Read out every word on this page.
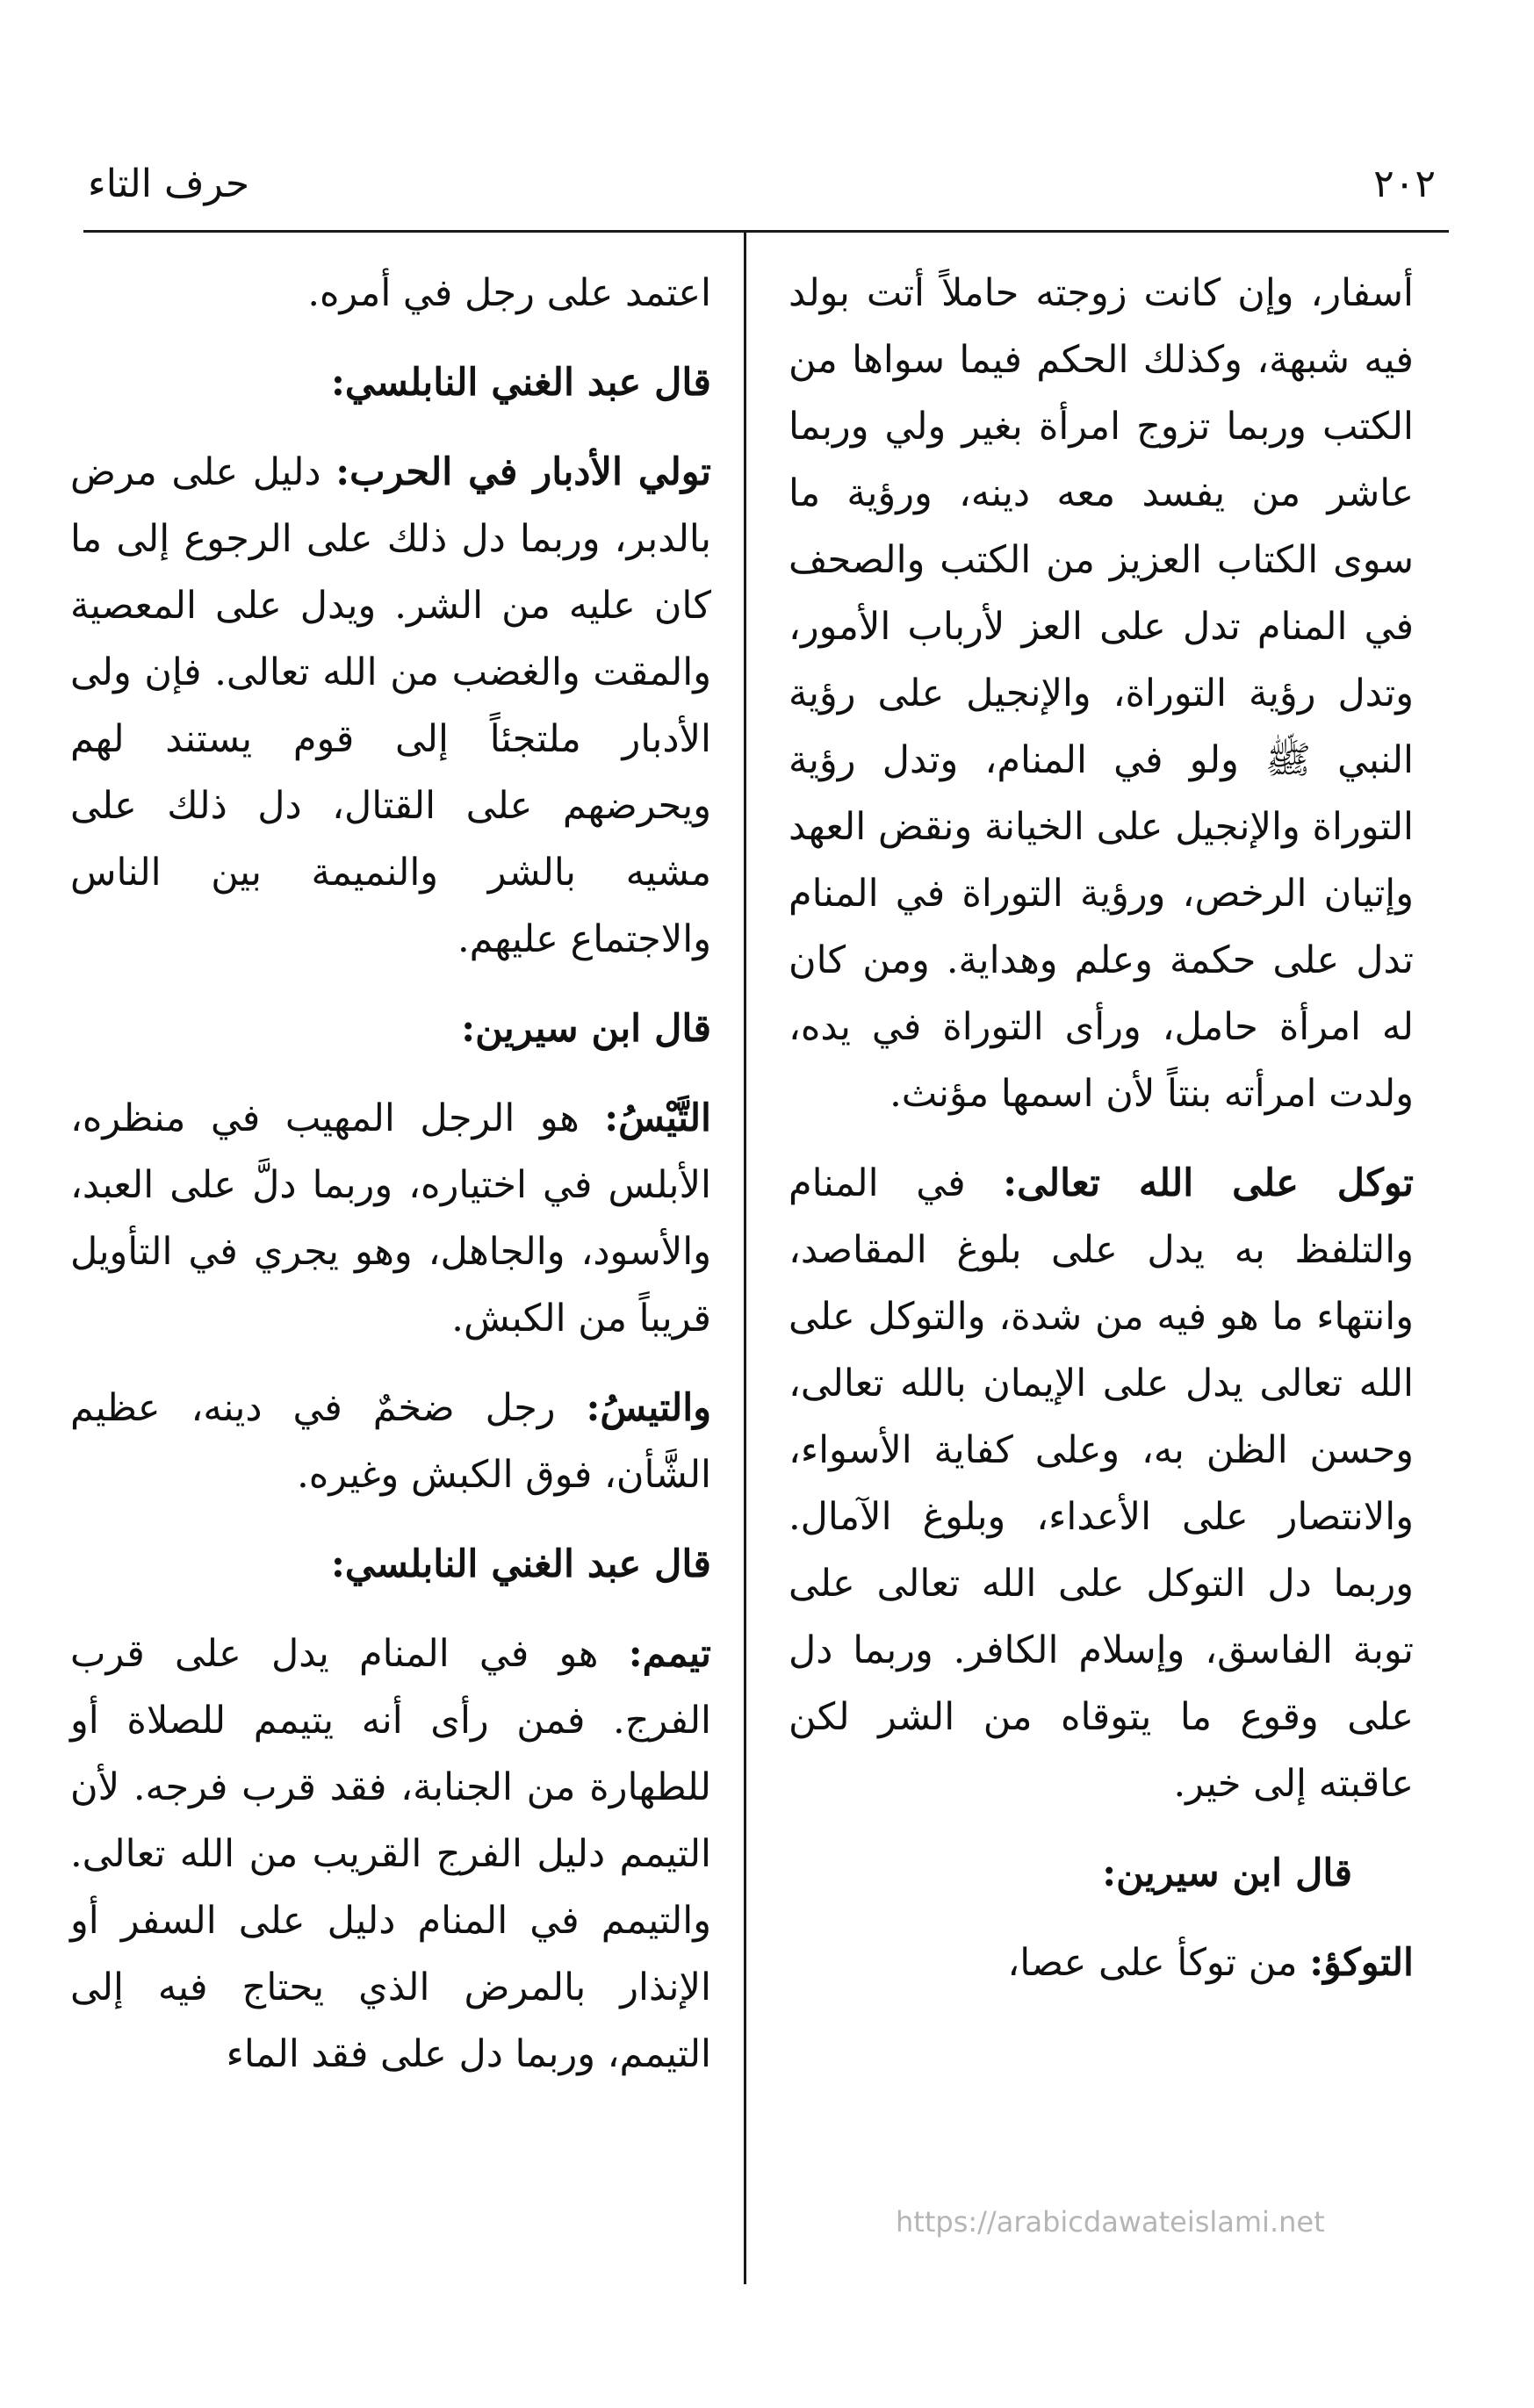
٢٠٢
حرف التاء

أسفار، وإن كانت زوجته حاملاً أتت بولد فيه شبهة، وكذلك الحكم فيما سواها من الكتب وربما تزوج امرأة بغير ولي وربما عاشر من يفسد معه دينه، ورؤية ما سوى الكتاب العزيز من الكتب والصحف في المنام تدل على العز لأرباب الأمور، وتدل رؤية التوراة، والإنجيل على رؤية النبي ﷺ ولو في المنام، وتدل رؤية التوراة والإنجيل على الخيانة ونقض العهد وإتيان الرخص، ورؤية التوراة في المنام تدل على حكمة وعلم وهداية. ومن كان له امرأة حامل، ورأى التوراة في يده، ولدت امرأته بنتاً لأن اسمها مؤنث.

توكل على الله تعالى: في المنام والتلفظ به يدل على بلوغ المقاصد، وانتهاء ما هو فيه من شدة، والتوكل على الله تعالى يدل على الإيمان بالله تعالى، وحسن الظن به، وعلى كفاية الأسواء، والانتصار على الأعداء، وبلوغ الآمال. وربما دل التوكل على الله تعالى على توبة الفاسق، وإسلام الكافر. وربما دل على وقوع ما يتوقاه من الشر لكن عاقبته إلى خير.

قال ابن سيرين:

التوكؤ: من توكأ على عصا،

اعتمد على رجل في أمره.

قال عبد الغني النابلسي:

تولي الأدبار في الحرب: دليل على مرض بالدبر، وربما دل ذلك على الرجوع إلى ما كان عليه من الشر. ويدل على المعصية والمقت والغضب من الله تعالى. فإن ولى الأدبار ملتجئاً إلى قوم يستند لهم ويحرضهم على القتال، دل ذلك على مشيه بالشر والنميمة بين الناس والاجتماع عليهم.

قال ابن سيرين:

التَّيْسُ: هو الرجل المهيب في منظره، الأبلس في اختياره، وربما دلَّ على العبد، والأسود، والجاهل، وهو يجري في التأويل قريباً من الكبش.

والتيسُ: رجل ضخمٌ في دينه، عظيم الشَّأن، فوق الكبش وغيره.

قال عبد الغني النابلسي:

تيمم: هو في المنام يدل على قرب الفرج. فمن رأى أنه يتيمم للصلاة أو للطهارة من الجنابة، فقد قرب فرجه. لأن التيمم دليل الفرج القريب من الله تعالى. والتيمم في المنام دليل على السفر أو الإنذار بالمرض الذي يحتاج فيه إلى التيمم، وربما دل على فقد الماء

https://arabicdawateislami.net
